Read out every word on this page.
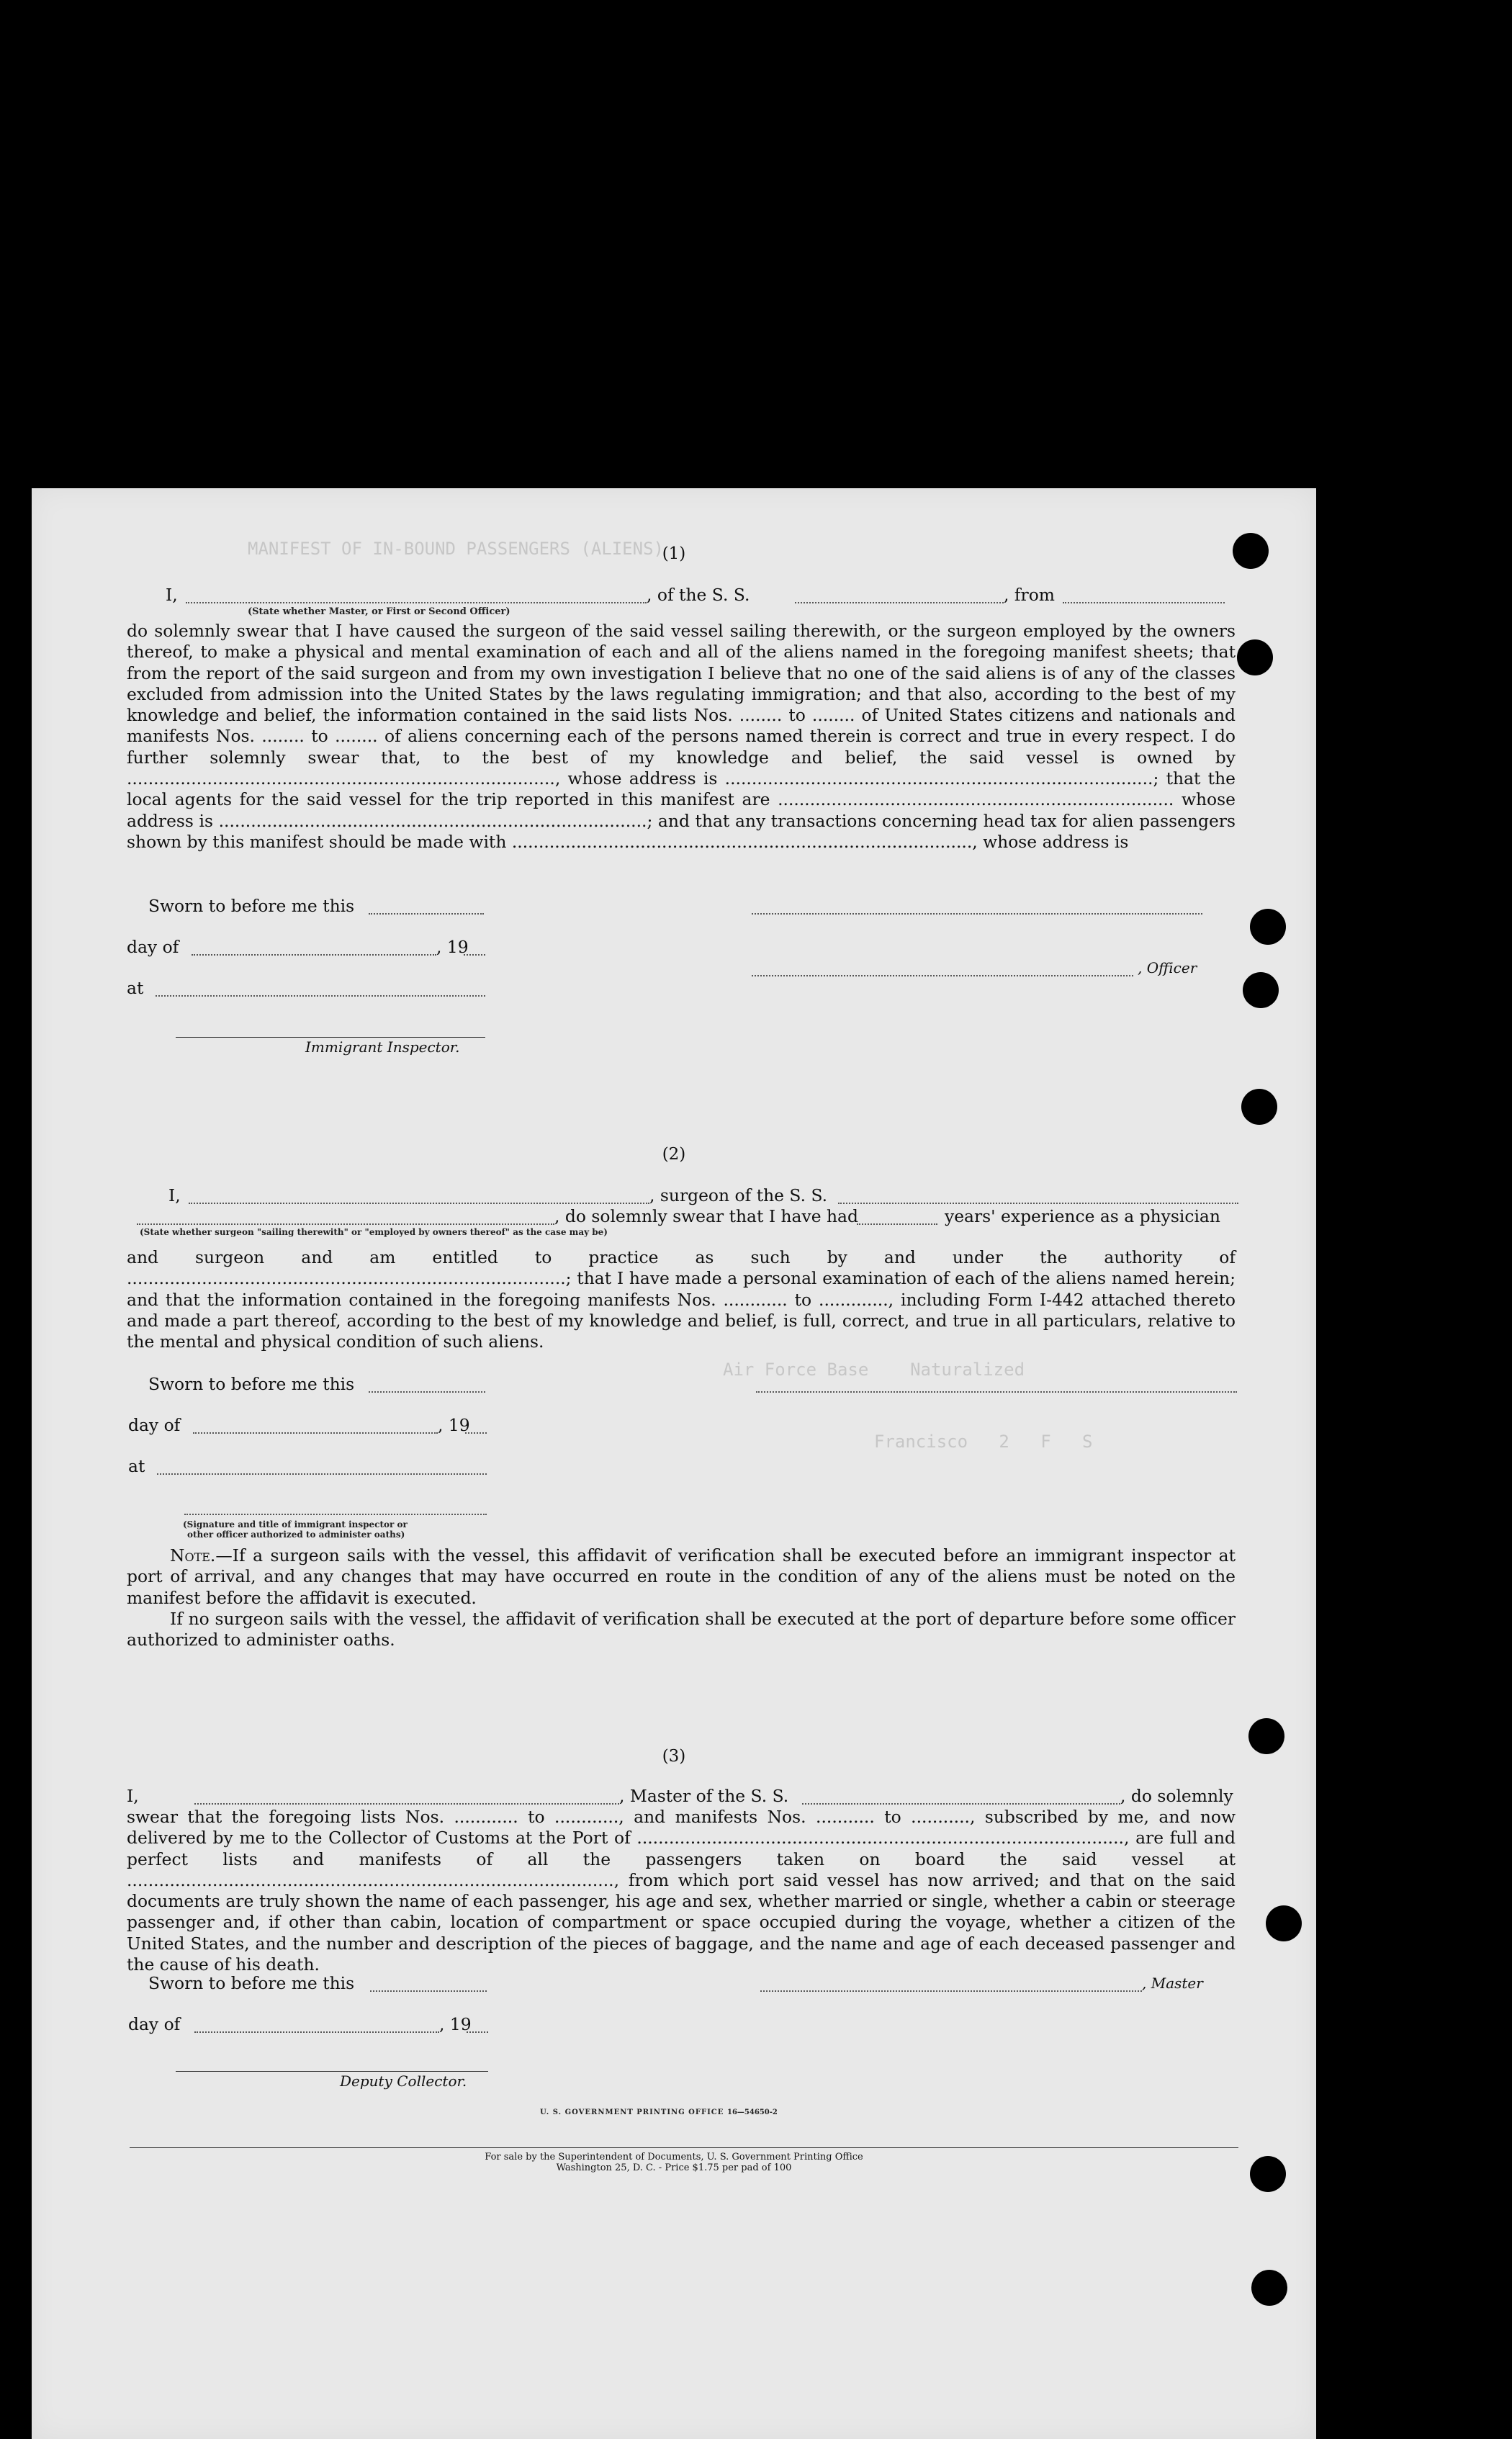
MANIFEST OF IN-BOUND PASSENGERS (ALIENS)
Air Force Base    Naturalized
Francisco   2   F   S
(1)
I,
(State whether Master, or First or Second Officer)
, of the S. S.	, from
do solemnly swear that I have caused the surgeon of the said vessel sailing therewith, or the surgeon employed by the owners thereof, to make a physical and mental examination of each and all of the aliens named in the foregoing manifest sheets; that from the report of the said surgeon and from my own investigation I believe that no one of the said aliens is of any of the classes excluded from admission into the United States by the laws regulating immigration; and that also, according to the best of my knowledge and belief, the information contained in the said lists Nos. ........ to ........ of United States citizens and nationals and manifests Nos. ........ to ........ of aliens concerning each of the persons named therein is correct and true in every respect. I do further solemnly swear that, to the best of my knowledge and belief, the said vessel is owned by ................................................................................, whose address is ................................................................................; that the local agents for the said vessel for the trip reported in this manifest are .......................................................................... whose address is ................................................................................; and that any transactions concerning head tax for alien passengers shown by this manifest should be made with ......................................................................................, whose address is
Sworn to before me this
day of	, 19
, Officer
at
Immigrant Inspector.
(2)
I,	, surgeon of the S. S.
, do solemnly swear that I have had	years' experience as a physician
(State whether surgeon "sailing therewith" or "employed by owners thereof" as the case may be)
and surgeon and am entitled to practice as such by and under the authority of ..................................................................................; that I have made a personal examination of each of the aliens named herein; and that the information contained in the foregoing manifests Nos. ............ to ............., including Form I-442 attached thereto and made a part thereof, according to the best of my knowledge and belief, is full, correct, and true in all particulars, relative to the mental and physical condition of such aliens.
Sworn to before me this
day of	, 19
at
(Signature and title of immigrant inspector or
other officer authorized to administer oaths)
Note.—If a surgeon sails with the vessel, this affidavit of verification shall be executed before an immigrant inspector at port of arrival, and any changes that may have occurred en route in the condition of any of the aliens must be noted on the manifest before the affidavit is executed.
If no surgeon sails with the vessel, the affidavit of verification shall be executed at the port of departure before some officer authorized to administer oaths.
(3)
I,	, Master of the S. S.	, do solemnly
swear that the foregoing lists Nos. ............ to ............, and manifests Nos. ........... to ..........., subscribed by me, and now delivered by me to the Collector of Customs at the Port of ..........................................................................................., are full and perfect lists and manifests of all the passengers taken on board the said vessel at ..........................................................................................., from which port said vessel has now arrived; and that on the said documents are truly shown the name of each passenger, his age and sex, whether married or single, whether a cabin or steerage passenger and, if other than cabin, location of compartment or space occupied during the voyage, whether a citizen of the United States, and the number and description of the pieces of baggage, and the name and age of each deceased passenger and the cause of his death.
Sworn to before me this	, Master
day of	, 19
Deputy Collector.
U. S. GOVERNMENT PRINTING OFFICE 16—54650-2
For sale by the Superintendent of Documents, U. S. Government Printing Office
Washington 25, D. C. - Price $1.75 per pad of 100
